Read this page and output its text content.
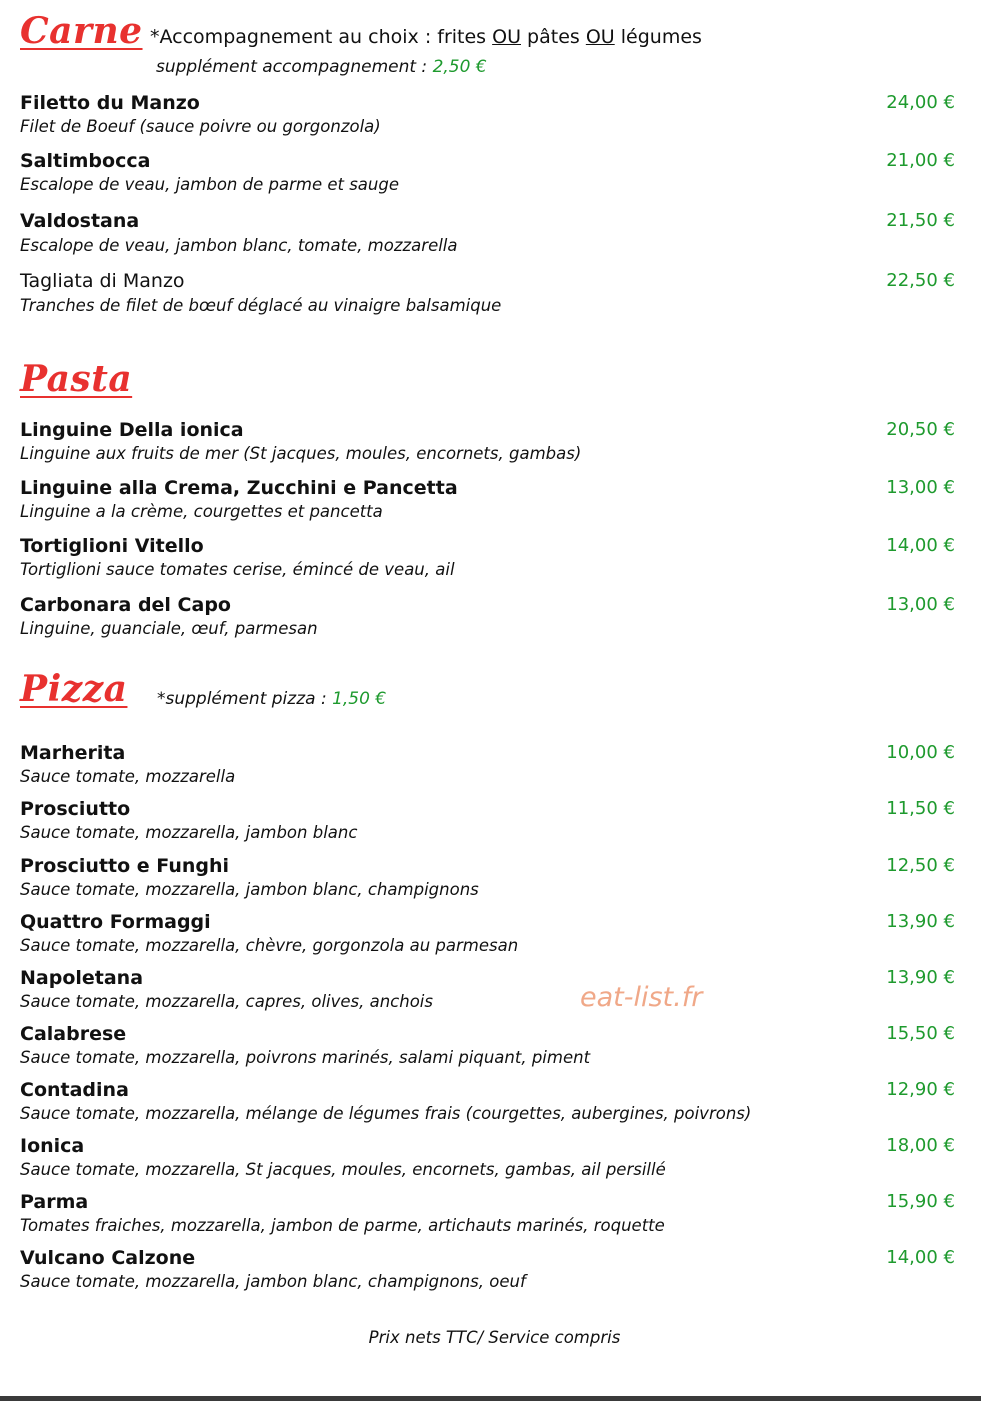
Carne *Accompagnement au choix : frites OU pâtes OU légumes
supplément accompagnement : 2,50 €
Filetto du Manzo
Filet de Boeuf (sauce poivre ou gorgonzola)
24,00 €
Saltimbocca
Escalope de veau, jambon de parme et sauge
21,00 €
Valdostana
Escalope de veau, jambon blanc, tomate, mozzarella
21,50 €
Tagliata di Manzo
Tranches de filet de bœuf déglacé au vinaigre balsamique
22,50 €
Pasta
Linguine Della ionica
Linguine aux fruits de mer (St jacques, moules, encornets, gambas)
20,50 €
Linguine alla Crema, Zucchini e Pancetta
Linguine a la crème, courgettes et pancetta
13,00 €
Tortiglioni Vitello
Tortiglioni sauce tomates cerise, émincé de veau, ail
14,00 €
Carbonara del Capo
Linguine, guanciale, œuf, parmesan
13,00 €
Pizza *supplément pizza : 1,50 €
Marherita
Sauce tomate, mozzarella
10,00 €
Prosciutto
Sauce tomate, mozzarella, jambon blanc
11,50 €
Prosciutto e Funghi
Sauce tomate, mozzarella, jambon blanc, champignons
12,50 €
Quattro Formaggi
Sauce tomate, mozzarella, chèvre, gorgonzola au parmesan
13,90 €
Napoletana
Sauce tomate, mozzarella, capres, olives, anchois
13,90 €
Calabrese
Sauce tomate, mozzarella, poivrons marinés, salami piquant, piment
15,50 €
Contadina
Sauce tomate, mozzarella, mélange de légumes frais (courgettes, aubergines, poivrons)
12,90 €
Ionica
Sauce tomate, mozzarella, St jacques, moules, encornets, gambas, ail persillé
18,00 €
Parma
Tomates fraiches, mozzarella, jambon de parme, artichauts marinés, roquette
15,90 €
Vulcano Calzone
Sauce tomate, mozzarella, jambon blanc, champignons, oeuf
14,00 €
eat-list.fr
Prix nets TTC/ Service compris
